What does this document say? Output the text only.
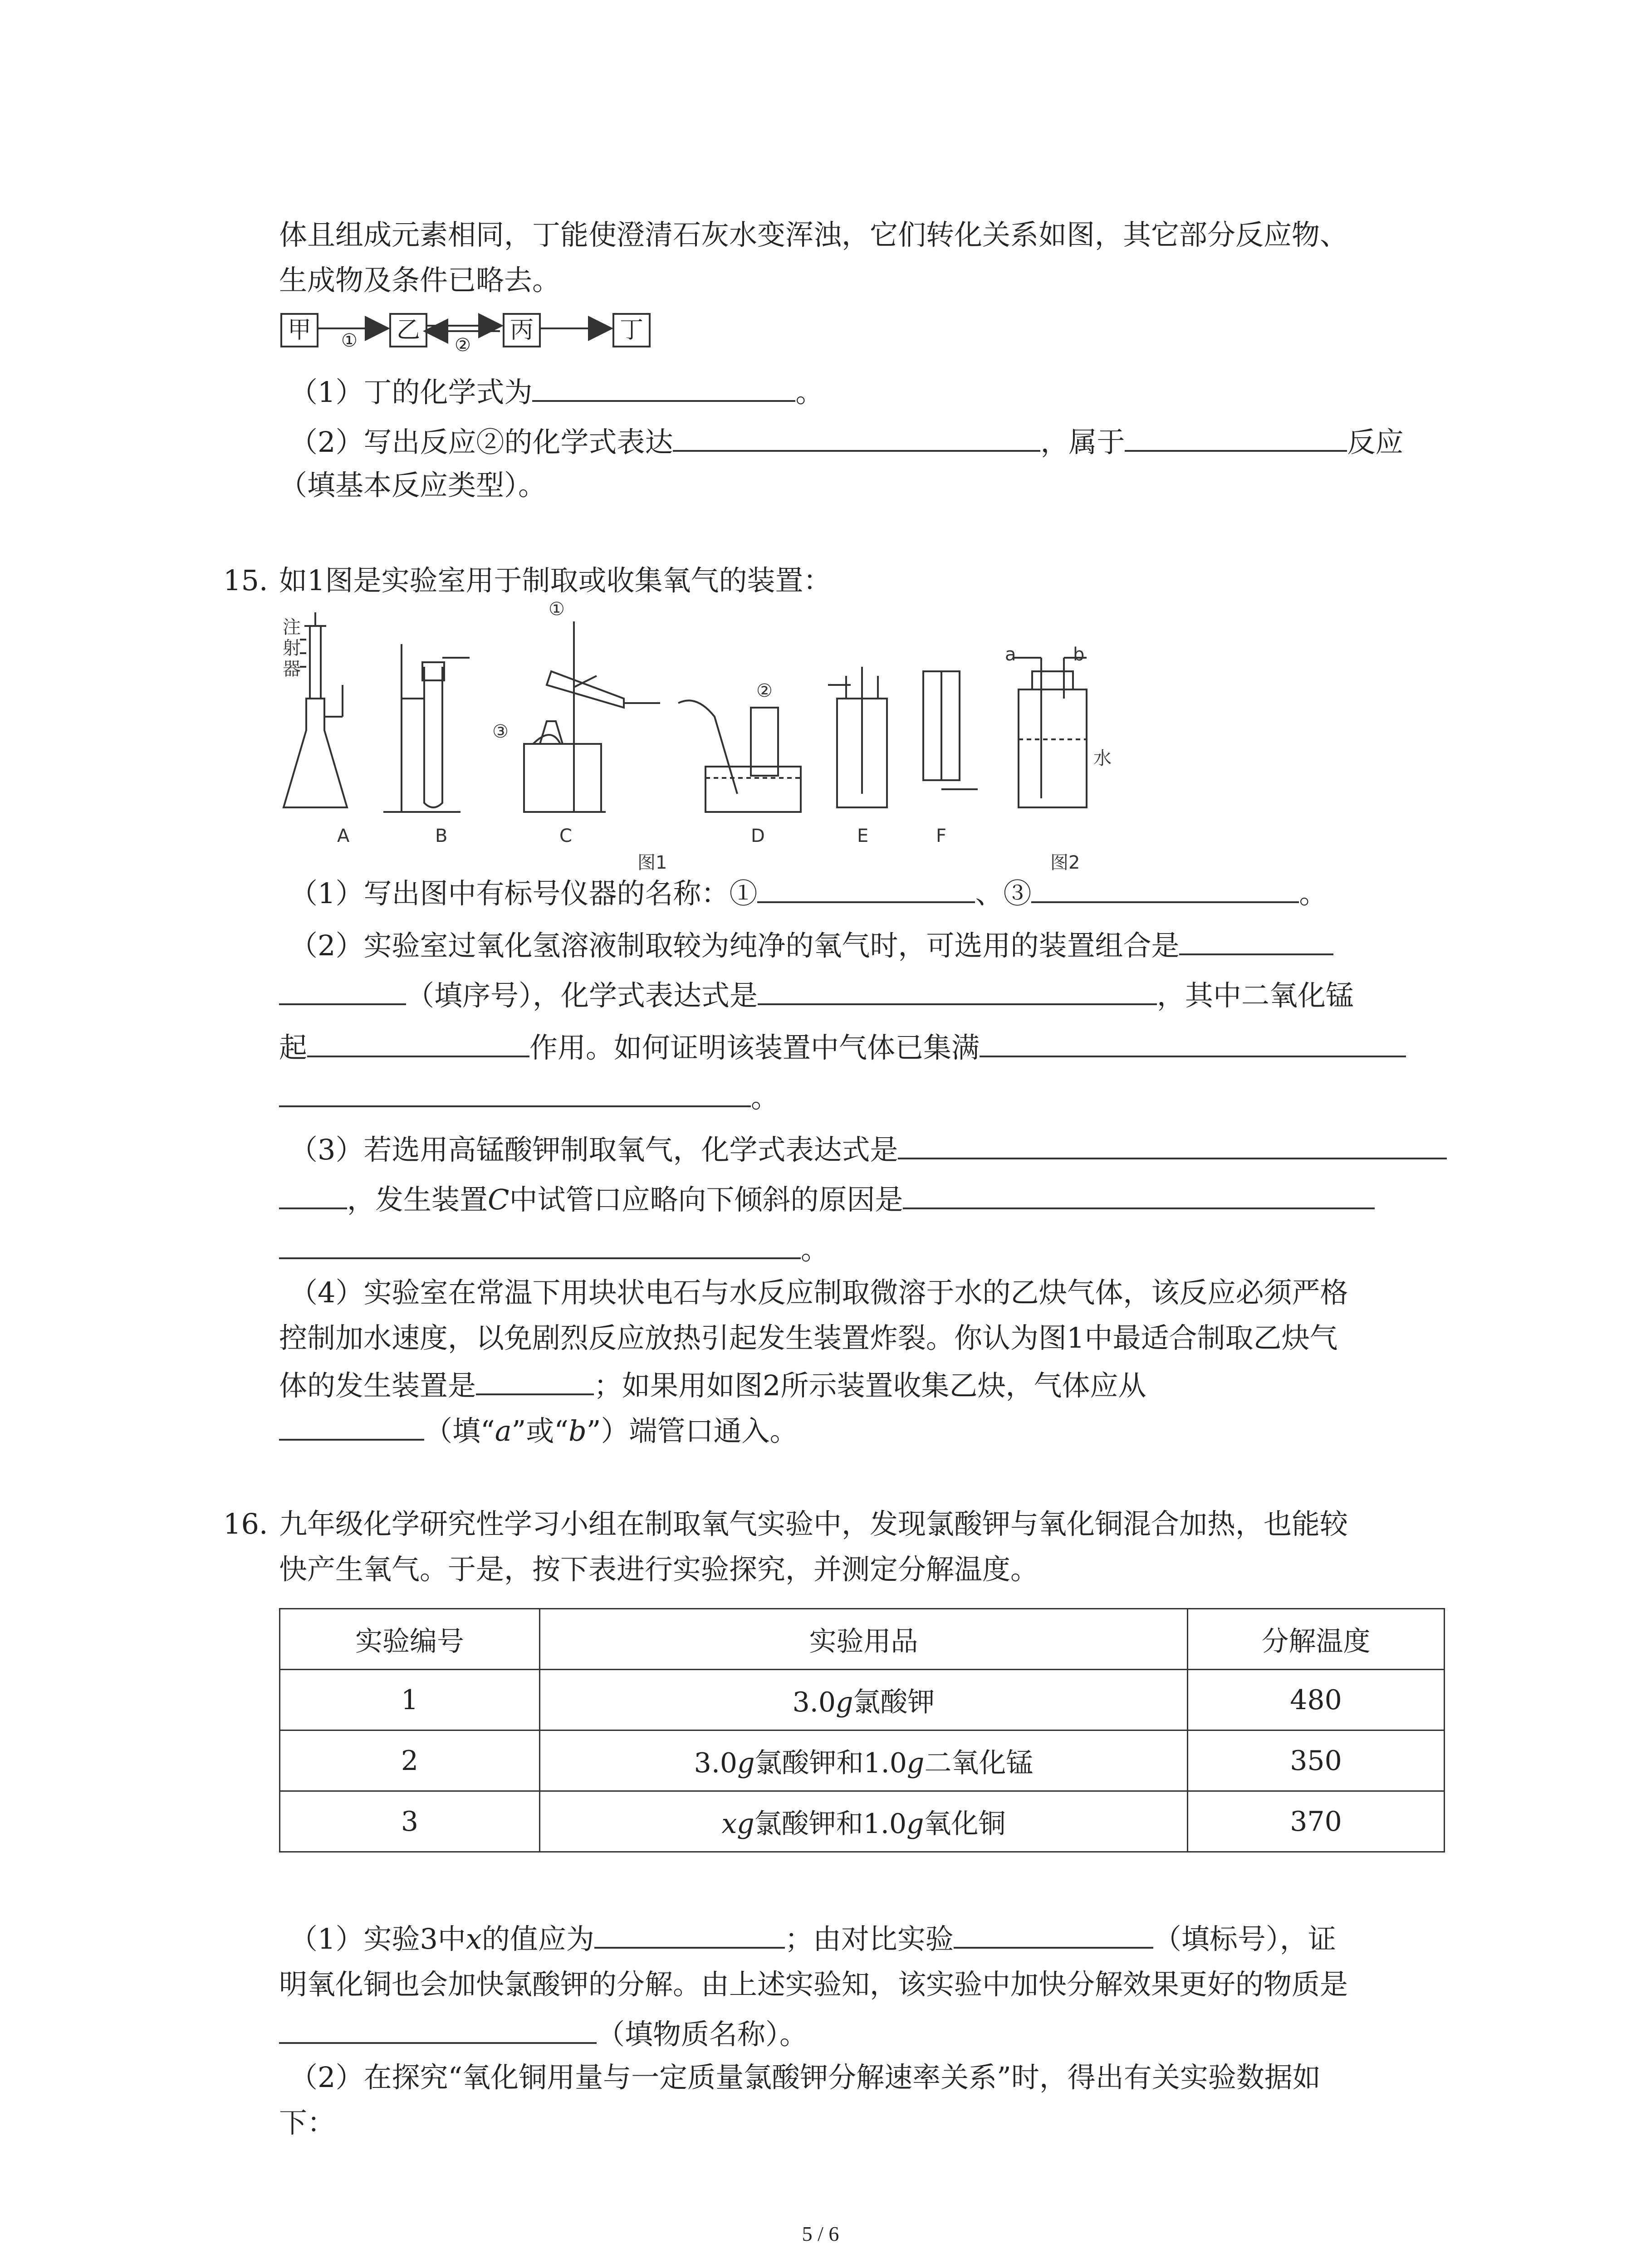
体且组成元素相同，丁能使澄清石灰水变浑浊，它们转化关系如图，其它部分反应物、
生成物及条件已略去。
甲	乙	丙	丁
①	②
（1）丁的化学式为	。
（2）写出反应②的化学式表达	，属于	反应
（填基本反应类型）。
15. 如1图是实验室用于制取或收集氧气的装置：
注射器
A	B	C	D	E	F
①
②
③
a	b
水
图1	图2
（1）写出图中有标号仪器的名称：①	、③	。
（2）实验室过氧化氢溶液制取较为纯净的氧气时，可选用的装置组合是
（填序号），化学式表达式是	，其中二氧化锰
起	作用。如何证明该装置中气体已集满
。
（3）若选用高锰酸钾制取氧气，化学式表达式是
，发生装置C中试管口应略向下倾斜的原因是
。
（4）实验室在常温下用块状电石与水反应制取微溶于水的乙炔气体，该反应必须严格
控制加水速度，以免剧烈反应放热引起发生装置炸裂。你认为图1中最适合制取乙炔气
体的发生装置是	；如果用如图2所示装置收集乙炔，气体应从
（填“a”或“b”）端管口通入。
16. 九年级化学研究性学习小组在制取氧气实验中，发现氯酸钾与氧化铜混合加热，也能较
快产生氧气。于是，按下表进行实验探究，并测定分解温度。
实验编号	实验用品	分解温度
1	3.0g氯酸钾	480
2	3.0g氯酸钾和1.0g二氧化锰	350
3	xg氯酸钾和1.0g氧化铜	370
（1）实验3中x的值应为	；由对比实验	（填标号），证
明氧化铜也会加快氯酸钾的分解。由上述实验知，该实验中加快分解效果更好的物质是
（填物质名称）。
（2）在探究“氧化铜用量与一定质量氯酸钾分解速率关系”时，得出有关实验数据如
下：
5 / 6
